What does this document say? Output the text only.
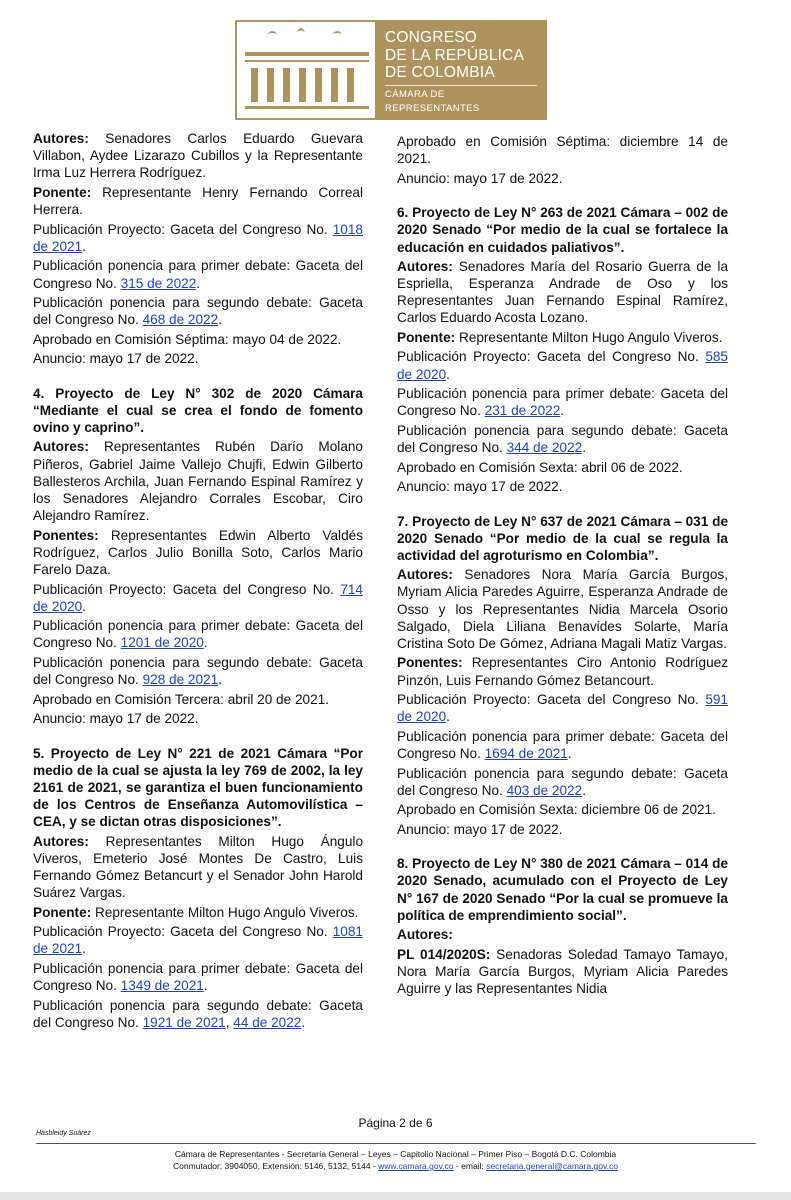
CONGRESO
DE LA REPÚBLICA
DE COLOMBIA
CÁMARA DE REPRESENTANTES

Autores: Senadores Carlos Eduardo Guevara Villabon, Aydee Lizarazo Cubillos y la Representante Irma Luz Herrera Rodríguez.

Ponente: Representante Henry Fernando Correal Herrera.

Publicación Proyecto: Gaceta del Congreso No. 1018 de 2021.

Publicación ponencia para primer debate: Gaceta del Congreso No. 315 de 2022.

Publicación ponencia para segundo debate: Gaceta del Congreso No. 468 de 2022.

Aprobado en Comisión Séptima: mayo 04 de 2022.

Anuncio: mayo 17 de 2022.

4. Proyecto de Ley N° 302 de 2020 Cámara “Mediante el cual se crea el fondo de fomento ovino y caprino”.

Autores: Representantes Rubén Darío Molano Piñeros, Gabriel Jaime Vallejo Chujfi, Edwin Gilberto Ballesteros Archila, Juan Fernando Espinal Ramírez y los Senadores Alejandro Corrales Escobar, Ciro Alejandro Ramírez.

Ponentes: Representantes Edwin Alberto Valdés Rodríguez, Carlos Julio Bonilla Soto, Carlos Mario Farelo Daza.

Publicación Proyecto: Gaceta del Congreso No. 714 de 2020.

Publicación ponencia para primer debate: Gaceta del Congreso No. 1201 de 2020.

Publicación ponencia para segundo debate: Gaceta del Congreso No. 928 de 2021.

Aprobado en Comisión Tercera: abril 20 de 2021.

Anuncio: mayo 17 de 2022.

5. Proyecto de Ley N° 221 de 2021 Cámara “Por medio de la cual se ajusta la ley 769 de 2002, la ley 2161 de 2021, se garantiza el buen funcionamiento de los Centros de Enseñanza Automovilística – CEA, y se dictan otras disposiciones”.

Autores: Representantes Milton Hugo Ángulo Viveros, Emeterio José Montes De Castro, Luis Fernando Gómez Betancurt y el Senador John Harold Suárez Vargas.

Ponente: Representante Milton Hugo Angulo Viveros.

Publicación Proyecto: Gaceta del Congreso No. 1081 de 2021.

Publicación ponencia para primer debate: Gaceta del Congreso No. 1349 de 2021.

Publicación ponencia para segundo debate: Gaceta del Congreso No. 1921 de 2021, 44 de 2022.

Aprobado en Comisión Séptima: diciembre 14 de 2021.

Anuncio: mayo 17 de 2022.

6. Proyecto de Ley N° 263 de 2021 Cámara – 002 de 2020 Senado “Por medio de la cual se fortalece la educación en cuidados paliativos”.

Autores: Senadores María del Rosario Guerra de la Espriella, Esperanza Andrade de Oso y los Representantes Juan Fernando Espinal Ramírez, Carlos Eduardo Acosta Lozano.

Ponente: Representante Milton Hugo Angulo Viveros.

Publicación Proyecto: Gaceta del Congreso No. 585 de 2020.

Publicación ponencia para primer debate: Gaceta del Congreso No. 231 de 2022.

Publicación ponencia para segundo debate: Gaceta del Congreso No. 344 de 2022.

Aprobado en Comisión Sexta: abril 06 de 2022.

Anuncio: mayo 17 de 2022.

7. Proyecto de Ley N° 637 de 2021 Cámara – 031 de 2020 Senado “Por medio de la cual se regula la actividad del agroturismo en Colombia”.

Autores: Senadores Nora María García Burgos, Myriam Alicia Paredes Aguirre, Esperanza Andrade de Osso y los Representantes Nidia Marcela Osorio Salgado, Diela Liliana Benavides Solarte, María Cristina Soto De Gómez, Adriana Magali Matiz Vargas.

Ponentes: Representantes Ciro Antonio Rodríguez Pinzón, Luis Fernando Gómez Betancourt.

Publicación Proyecto: Gaceta del Congreso No. 591 de 2020.

Publicación ponencia para primer debate: Gaceta del Congreso No. 1694 de 2021.

Publicación ponencia para segundo debate: Gaceta del Congreso No. 403 de 2022.

Aprobado en Comisión Sexta: diciembre 06 de 2021.

Anuncio: mayo 17 de 2022.

8. Proyecto de Ley N° 380 de 2021 Cámara – 014 de 2020 Senado, acumulado con el Proyecto de Ley N° 167 de 2020 Senado “Por la cual se promueve la política de emprendimiento social”.

Autores:

PL 014/2020S: Senadoras Soledad Tamayo Tamayo, Nora María García Burgos, Myriam Alicia Paredes Aguirre y las Representantes Nidia

Página 2 de 6
Hasbleidy Suárez
Cámara de Representantes - Secretaría General – Leyes – Capitolio Nacional – Primer Piso – Bogotá D.C. Colombia
Conmutador: 3904050, Extensión: 5146, 5132, 5144 - www.camara.gov.co - email: secretaria.general@camara.gov.co
